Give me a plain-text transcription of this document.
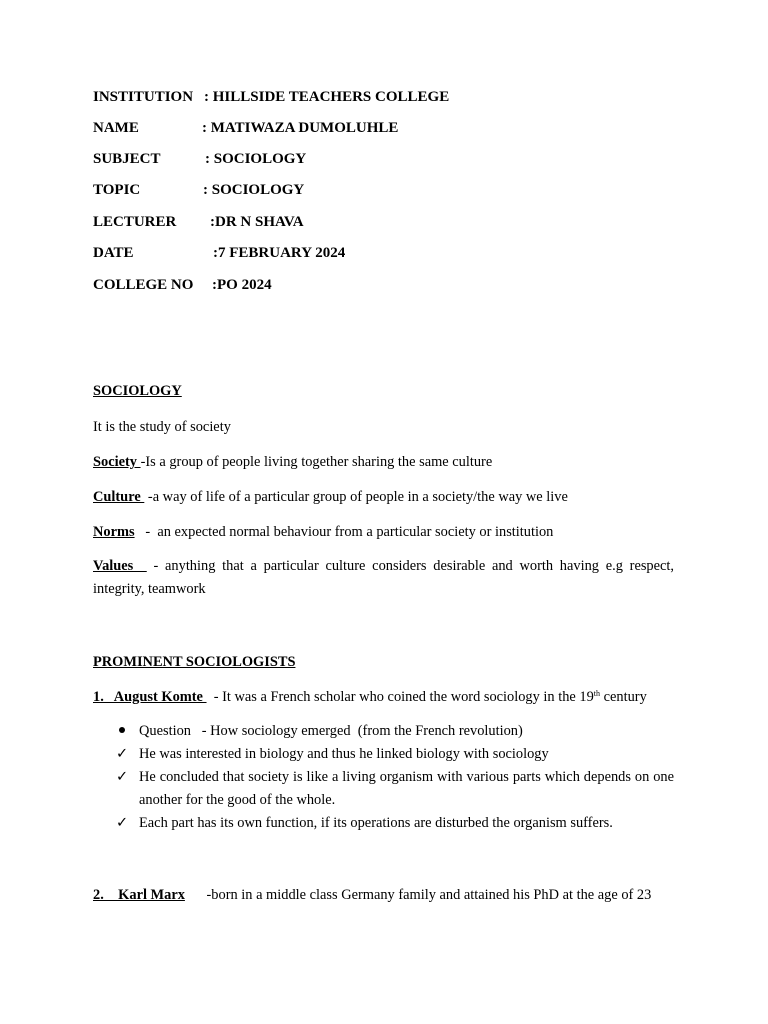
INSTITUTION : HILLSIDE TEACHERS COLLEGE
NAME	: MATIWAZA DUMOLUHLE
SUBJECT	: SOCIOLOGY
TOPIC	: SOCIOLOGY
LECTURER :DR N SHAVA
DATE	:7 FEBRUARY 2024
COLLEGE NO :PO 2024
SOCIOLOGY
It is the study of society
Society -Is a group of people living together sharing the same culture
Culture  -a way of life of a particular group of people in a society/the way we live
Norms   -  an expected normal behaviour from a particular society or institution
Values   - anything that a particular culture considers desirable and worth having e.g respect,
integrity, teamwork
PROMINENT SOCIOLOGISTS
1.   August Komte   - It was a French scholar who coined the word sociology in the 19th century
Question   - How sociology emerged  (from the French revolution)
✓ He was interested in biology and thus he linked biology with sociology
✓ He concluded that society is like a living organism with various parts which depends on one
another for the good of the whole.
✓ Each part has its own function, if its operations are disturbed the organism suffers.
2.    Karl Marx      -born in a middle class Germany family and attained his PhD at the age of 23
